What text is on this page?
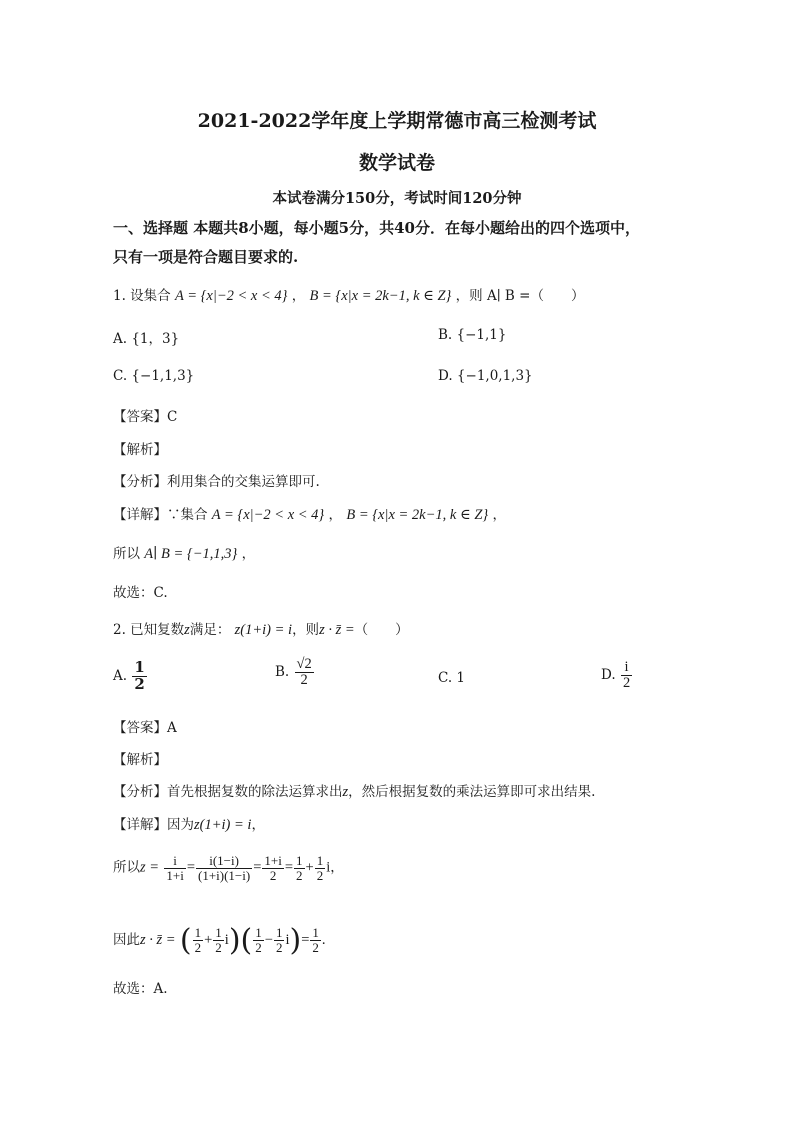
2021-2022学年度上学期常德市高三检测考试
数学试卷
本试卷满分150分，考试时间120分钟
一、选择题 本题共8小题，每小题5分，共40分．在每小题给出的四个选项中，
只有一项是符合题目要求的.
1. 设集合 A = {x|−2 < x < 4} ， B = {x|x = 2k−1, k ∈ Z} ，则 A∣ B =（　　）
A. {1，3}	B. {−1,1}
C. {−1,1,3}	D. {−1,0,1,3}
【答案】C
【解析】
【分析】利用集合的交集运算即可.
【详解】∵集合 A = {x|−2 < x < 4} ， B = {x|x = 2k−1, k ∈ Z} ，
所以 A∣ B = {−1,1,3} ，
故选：C.
2. 已知复数z满足： z(1+i) = i，则z · z̄ =（　　）
A. $\frac{1}{2}$	B. $\frac{√2}{2}$	C. 1	D. $\frac{i}{2}$
【答案】A
【解析】
【分析】首先根据复数的除法运算求出z，然后根据复数的乘法运算即可求出结果.
【详解】因为z(1+i) = i，
所以$z = \frac{i}{1+i} = \frac{i(1-i)}{(1+i)(1-i)} = \frac{1+i}{2} = \frac{1}{2} + \frac{1}{2}$ i，
因此z · z̄ = ( $\frac{1}{2} + \frac{1}{2} i)( \frac{1}{2} - \frac{1}{2} i)= \frac{1}{2}$ .
故选：A.
